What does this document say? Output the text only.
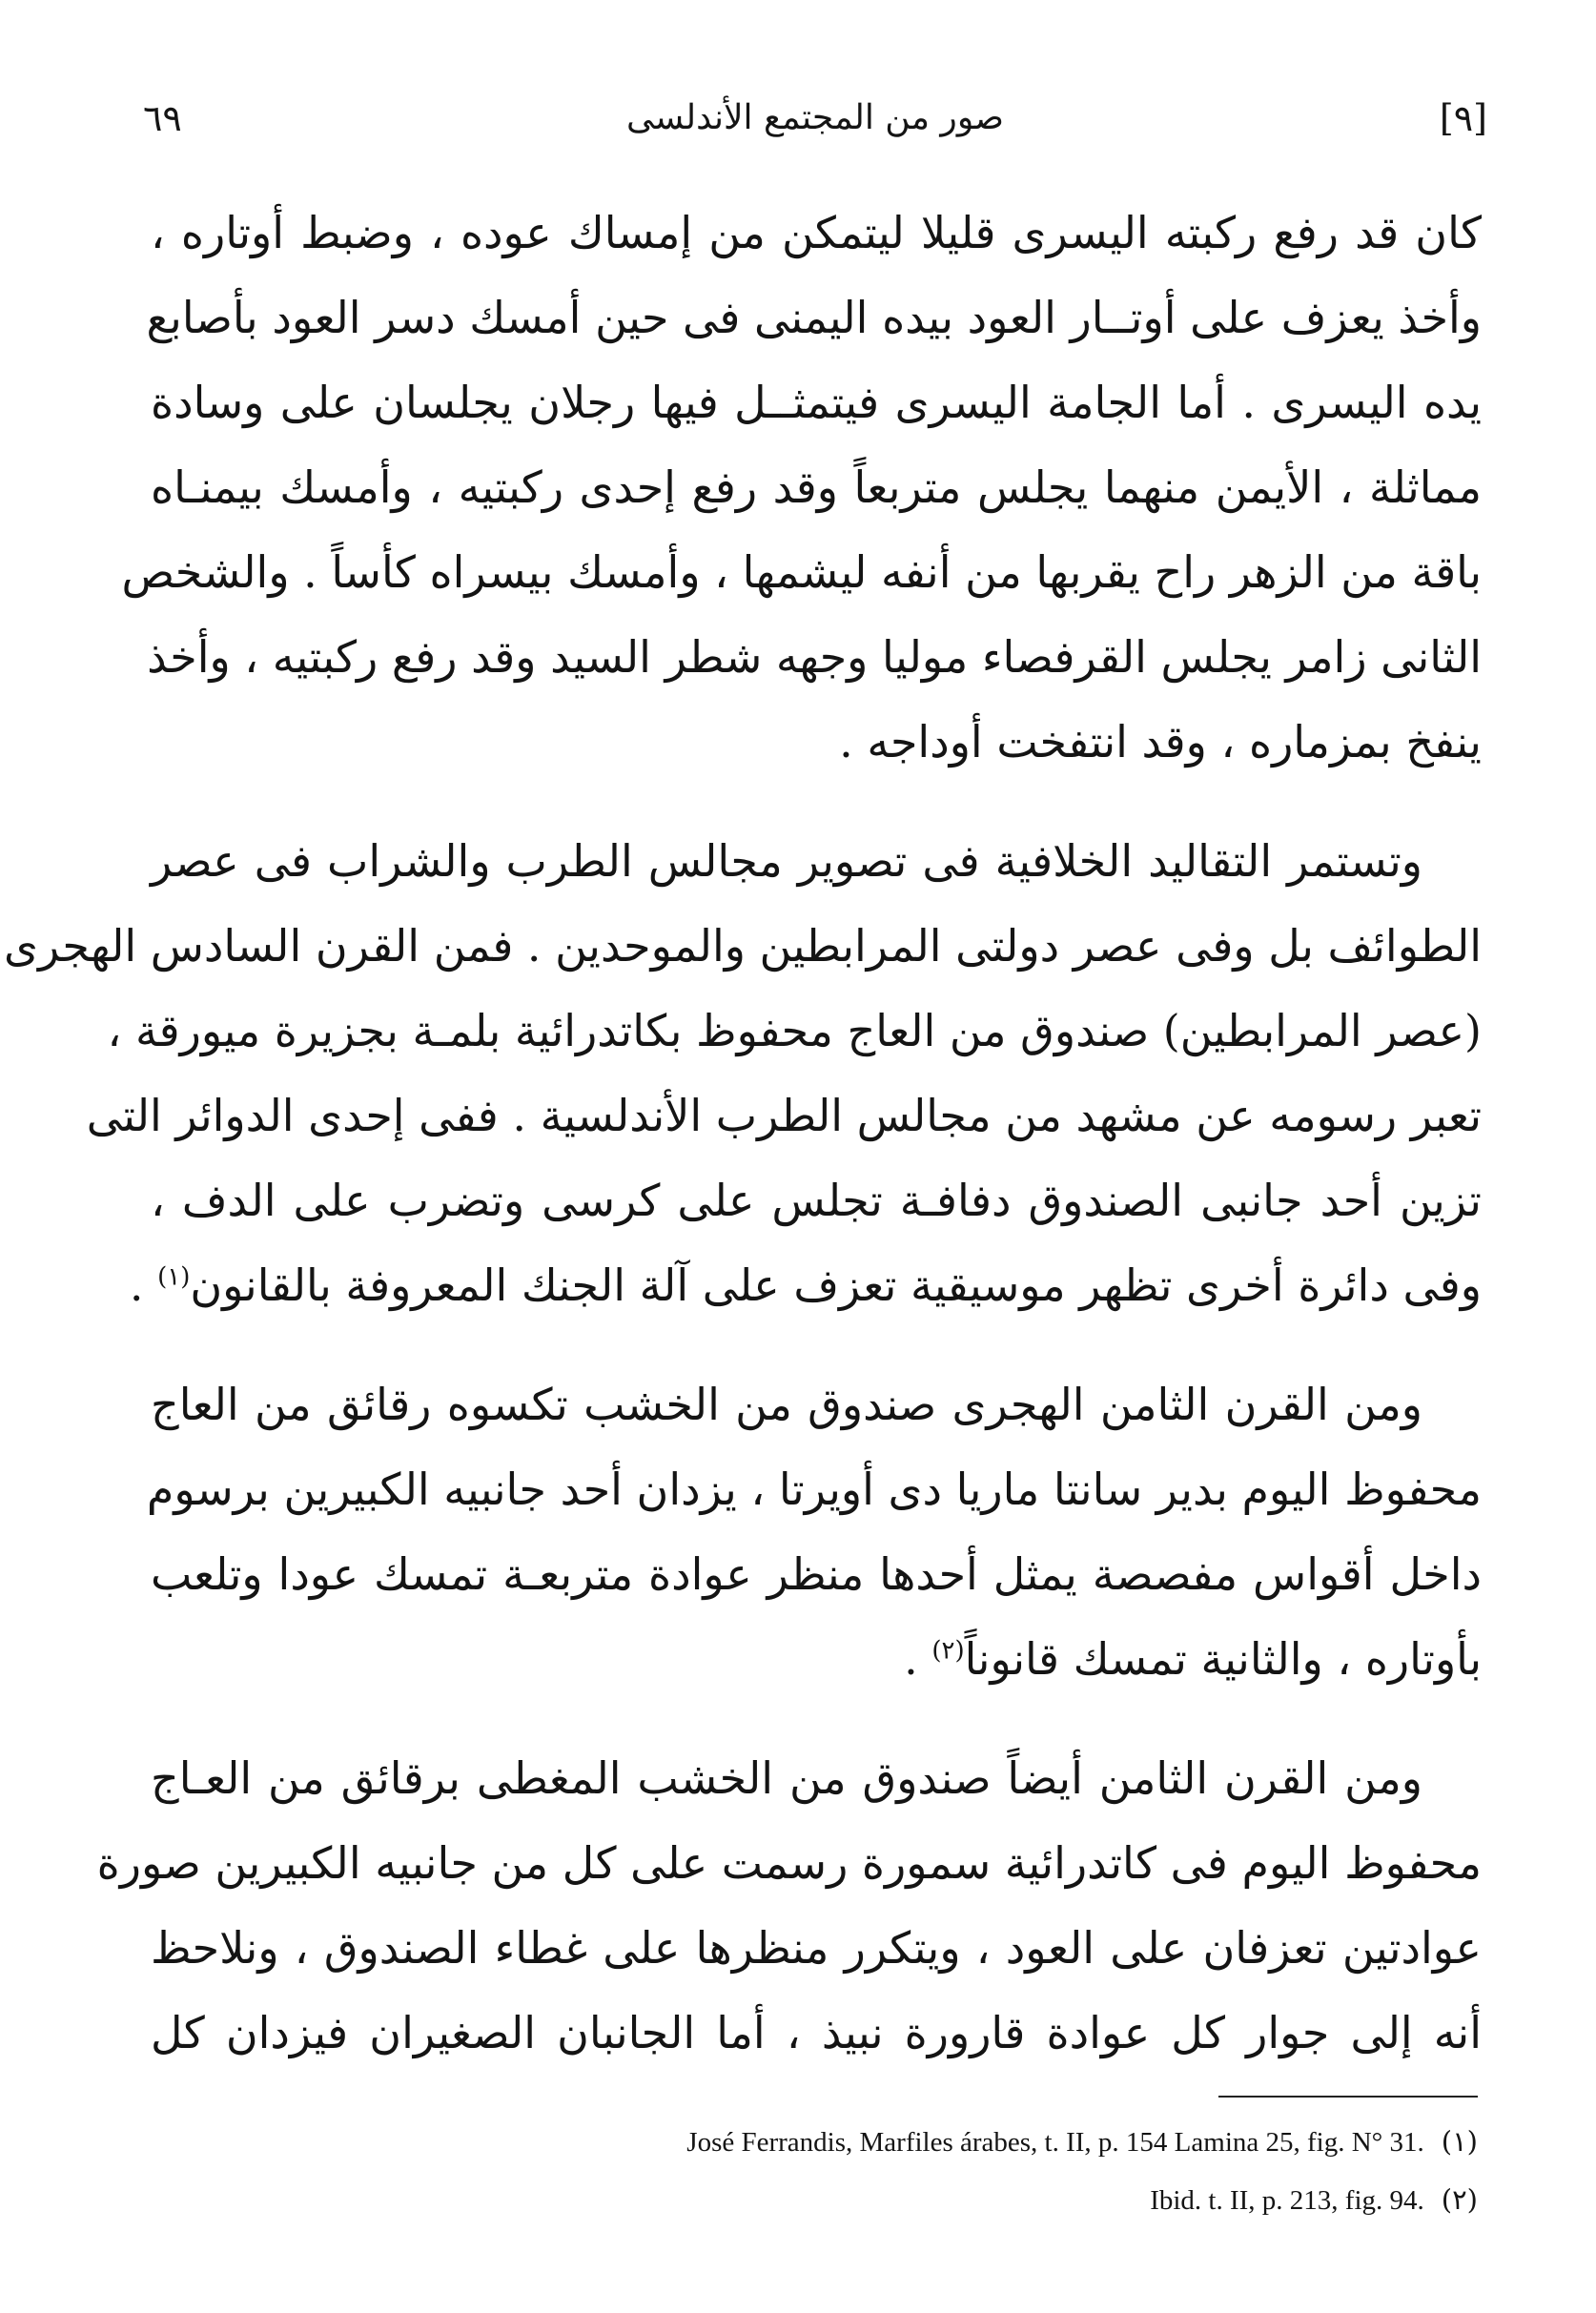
٦٩	صور من المجتمع الأندلسى	[٩]
كان قد رفع ركبته اليسرى قليلا ليتمكن من إمساك عوده ، وضبط أوتاره ،
وأخذ يعزف على أوتــار العود بيده اليمنى فى حين أمسك دسر العود بأصابع
يده اليسرى . أما الجامة اليسرى فيتمثــل فيها رجلان يجلسان على وسادة
مماثلة ، الأيمن منهما يجلس متربعاً وقد رفع إحدى ركبتيه ، وأمسك بيمنـاه
باقة من الزهر راح يقربها من أنفه ليشمها ، وأمسك بيسراه كأساً . والشخص
الثانى زامر يجلس القرفصاء موليا وجهه شطر السيد وقد رفع ركبتيه ، وأخذ
ينفخ بمزماره ، وقد انتفخت أوداجه .
وتستمر التقاليد الخلافية فى تصوير مجالس الطرب والشراب فى عصر
الطوائف بل وفى عصر دولتى المرابطين والموحدين . فمن القرن السادس الهجرى
(عصر المرابطين) صندوق من العاج محفوظ بكاتدرائية بلمـة بجزيرة ميورقة ،
تعبر رسومه عن مشهد من مجالس الطرب الأندلسية . ففى إحدى الدوائر التى
تزين أحد جانبى الصندوق دفافـة تجلس على كرسى وتضرب على الدف ،
وفى دائرة أخرى تظهر موسيقية تعزف على آلة الجنك المعروفة بالقانون$^{(١)}$ .
ومن القرن الثامن الهجرى صندوق من الخشب تكسوه رقائق من العاج
محفوظ اليوم بدير سانتا ماريا دى أويرتا ، يزدان أحد جانبيه الكبيرين برسوم
داخل أقواس مفصصة يمثل أحدها منظر عوادة متربعـة تمسك عودا وتلعب
بأوتاره ، والثانية تمسك قانوناً$^{(٢)}$ .
ومن القرن الثامن أيضاً صندوق من الخشب المغطى برقائق من العـاج
محفوظ اليوم فى كاتدرائية سمورة رسمت على كل من جانبيه الكبيرين صورة
عوادتين تعزفان على العود ، ويتكرر منظرها على غطاء الصندوق ، ونلاحظ
أنه إلى جوار كل عوادة قارورة نبيذ ، أما الجانبان الصغيران فيزدان كل
José Ferrandis, Marfiles árabes, t. II, p. 154 Lamina 25, fig. N° 31. (١)
Ibid. t. II, p. 213, fig. 94. (٢)
